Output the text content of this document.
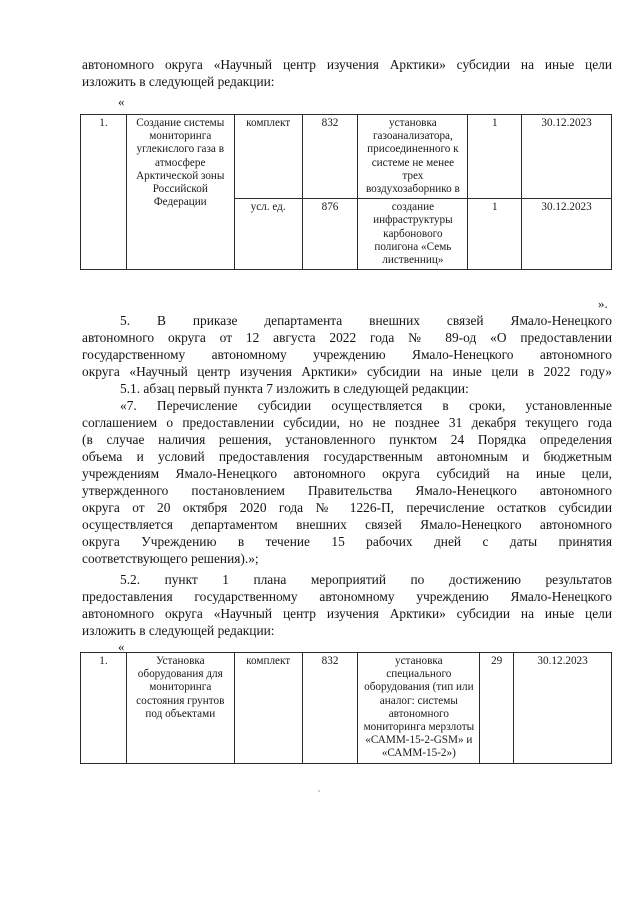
автономного округа «Научный центр изучения Арктики» субсидии на иные цели
изложить в следующей редакции:
«
1.	Создание системы мониторинга углекислого газа в атмосфере Арктической зоны Российской Федерации	комплект	832	установка газоанализатора, присоединенного к системе не менее трех воздухозаборнико в	1	30.12.2023
		усл. ед.	876	создание инфраструктуры карбонового полигона «Семь лиственниц»	1	30.12.2023
».
5. В приказе департамента внешних связей Ямало-Ненецкого
автономного округа от 12 августа 2022 года № 89-од «О предоставлении
государственному автономному учреждению Ямало-Ненецкого автономного
округа «Научный центр изучения Арктики» субсидии на иные цели в 2022 году»
5.1. абзац первый пункта 7 изложить в следующей редакции:
«7. Перечисление субсидии осуществляется в сроки, установленные
соглашением о предоставлении субсидии, но не позднее 31 декабря текущего года
(в случае наличия решения, установленного пунктом 24 Порядка определения
объема и условий предоставления государственным автономным и бюджетным
учреждениям Ямало-Ненецкого автономного округа субсидий на иные цели,
утвержденного постановлением Правительства Ямало-Ненецкого автономного
округа от 20 октября 2020 года № 1226-П, перечисление остатков субсидии
осуществляется департаментом внешних связей Ямало-Ненецкого автономного
округа Учреждению в течение 15 рабочих дней с даты принятия
соответствующего решения).»;
5.2. пункт 1 плана мероприятий по достижению результатов
предоставления государственному автономному учреждению Ямало-Ненецкого
автономного округа «Научный центр изучения Арктики» субсидии на иные цели
изложить в следующей редакции:
«
1.	Установка оборудования для мониторинга состояния грунтов под объектами	комплект	832	установка специального оборудования (тип или аналог: системы автономного мониторинга мерзлоты «САММ-15-2-GSM» и «САММ-15-2»)	29	30.12.2023
